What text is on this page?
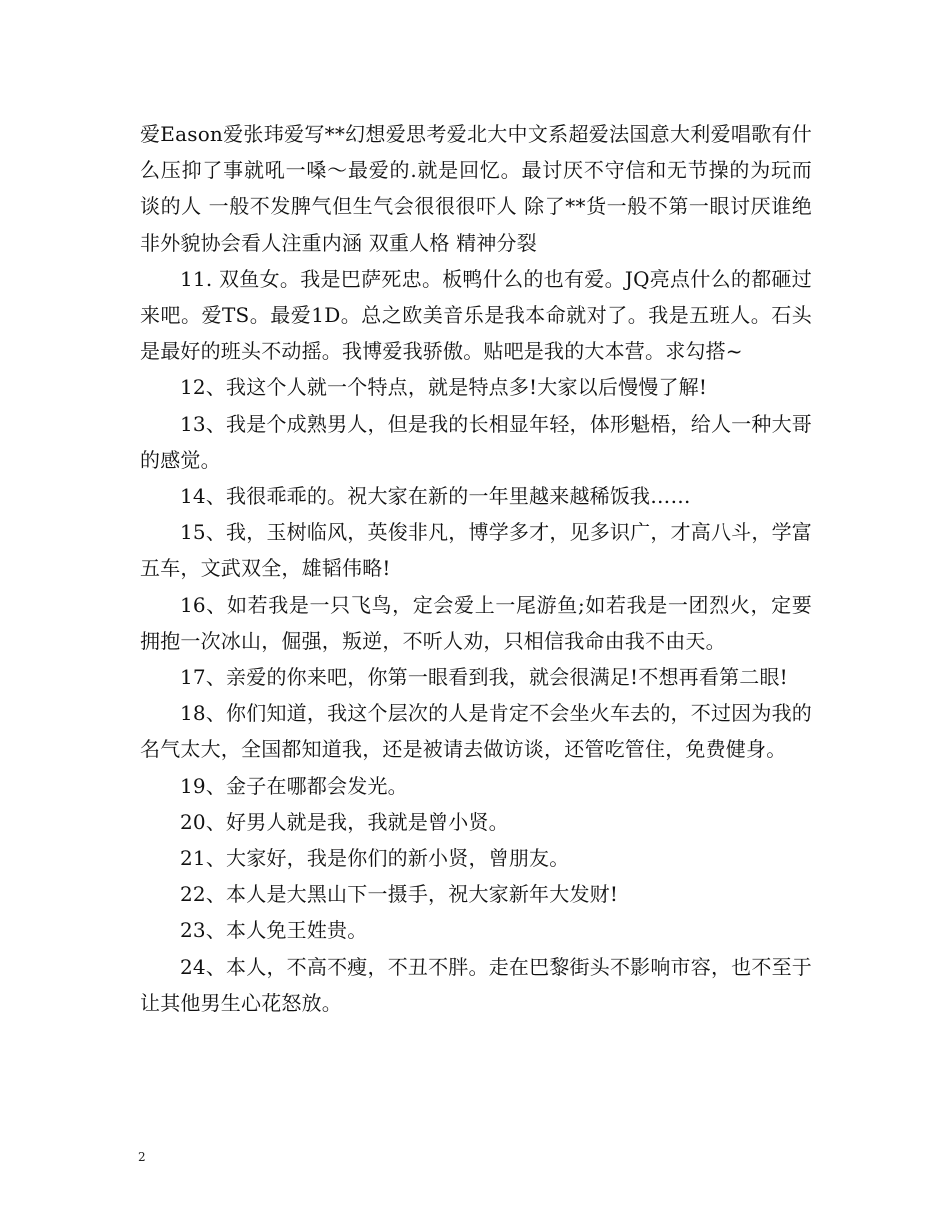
爱Eason爱张玮爱写**幻想爱思考爱北大中文系超爱法国意大利爱唱歌有什么压抑了事就吼一嗓～最爱的.就是回忆。最讨厌不守信和无节操的为玩而谈的人 一般不发脾气但生气会很很很吓人 除了**货一般不第一眼讨厌谁绝非外貌协会看人注重内涵 双重人格 精神分裂

11. 双鱼女。我是巴萨死忠。板鸭什么的也有爱。JQ亮点什么的都砸过来吧。爱TS。最爱1D。总之欧美音乐是我本命就对了。我是五班人。石头是最好的班头不动摇。我博爱我骄傲。贴吧是我的大本营。求勾搭~

12、我这个人就一个特点，就是特点多!大家以后慢慢了解!

13、我是个成熟男人，但是我的长相显年轻，体形魁梧，给人一种大哥的感觉。

14、我很乖乖的。祝大家在新的一年里越来越稀饭我……

15、我，玉树临风，英俊非凡，博学多才，见多识广，才高八斗，学富五车，文武双全，雄韬伟略!

16、如若我是一只飞鸟，定会爱上一尾游鱼;如若我是一团烈火，定要拥抱一次冰山，倔强，叛逆，不听人劝，只相信我命由我不由天。

17、亲爱的你来吧，你第一眼看到我，就会很满足!不想再看第二眼!

18、你们知道，我这个层次的人是肯定不会坐火车去的，不过因为我的名气太大，全国都知道我，还是被请去做访谈，还管吃管住，免费健身。

19、金子在哪都会发光。

20、好男人就是我，我就是曾小贤。

21、大家好，我是你们的新小贤，曾朋友。

22、本人是大黑山下一摄手，祝大家新年大发财!

23、本人免王姓贵。

24、本人，不高不瘦，不丑不胖。走在巴黎街头不影响市容，也不至于让其他男生心花怒放。

2
